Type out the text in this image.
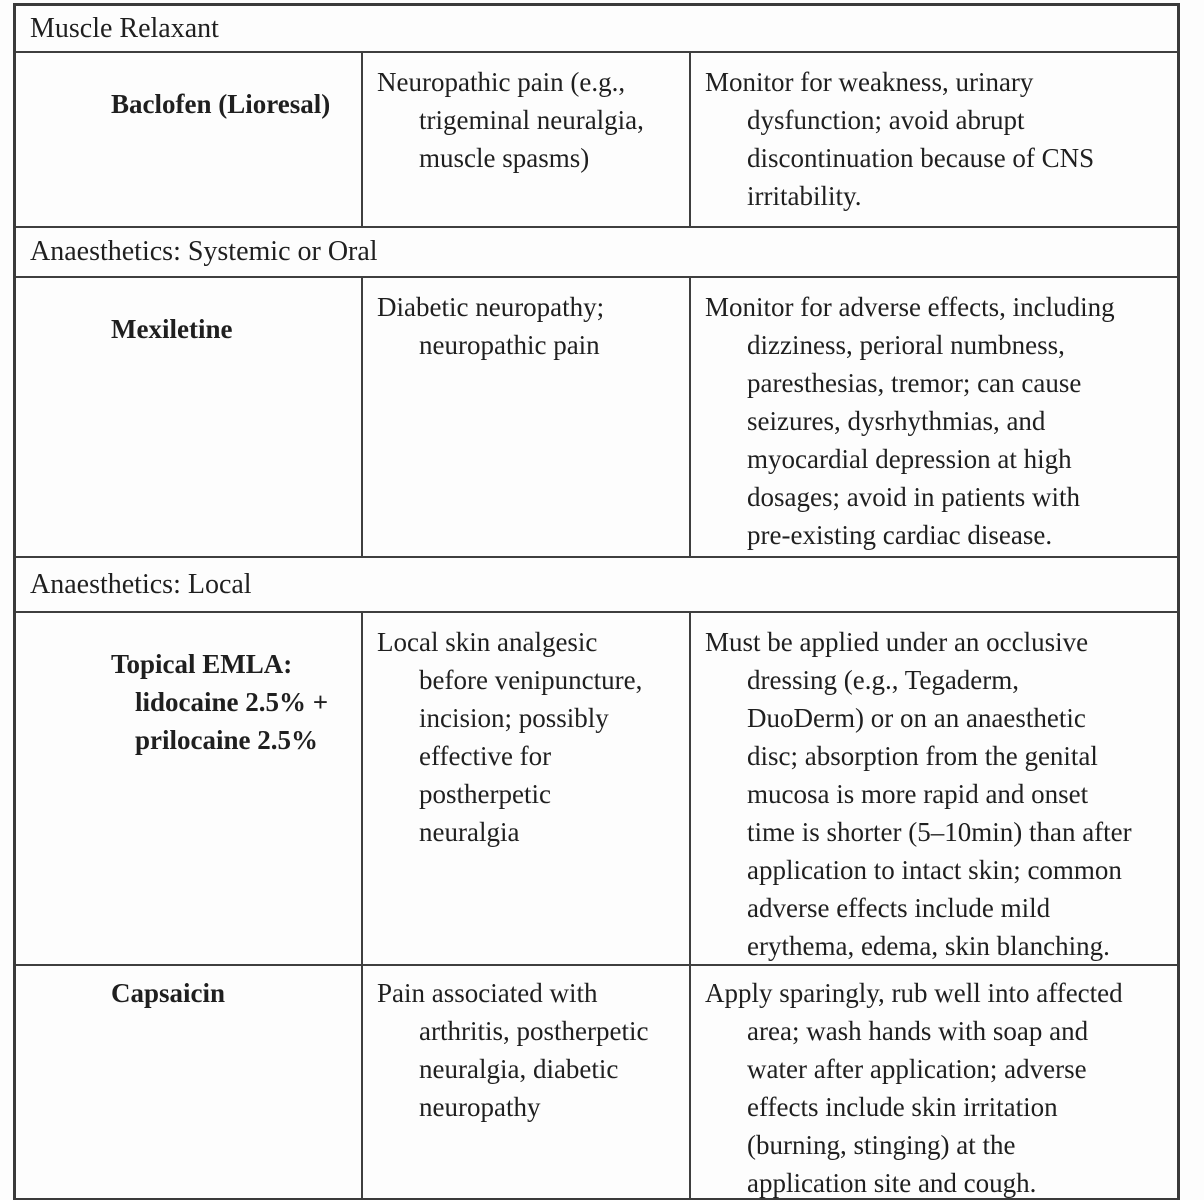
Muscle Relaxant
Baclofen (Lioresal)
Neuropathic pain (e.g.,
trigeminal neuralgia,
muscle spasms)
Monitor for weakness, urinary
dysfunction; avoid abrupt
discontinuation because of CNS
irritability.
Anaesthetics: Systemic or Oral
Mexiletine
Diabetic neuropathy;
neuropathic pain
Monitor for adverse effects, including
dizziness, perioral numbness,
paresthesias, tremor; can cause
seizures, dysrhythmias, and
myocardial depression at high
dosages; avoid in patients with
pre-existing cardiac disease.
Anaesthetics: Local
Topical EMLA:
lidocaine 2.5% +
prilocaine 2.5%
Local skin analgesic
before venipuncture,
incision; possibly
effective for
postherpetic
neuralgia
Must be applied under an occlusive
dressing (e.g., Tegaderm,
DuoDerm) or on an anaesthetic
disc; absorption from the genital
mucosa is more rapid and onset
time is shorter (5–10min) than after
application to intact skin; common
adverse effects include mild
erythema, edema, skin blanching.
Capsaicin	Pain associated with
arthritis, postherpetic
neuralgia, diabetic
neuropathy
Apply sparingly, rub well into affected
area; wash hands with soap and
water after application; adverse
effects include skin irritation
(burning, stinging) at the
application site and cough.
